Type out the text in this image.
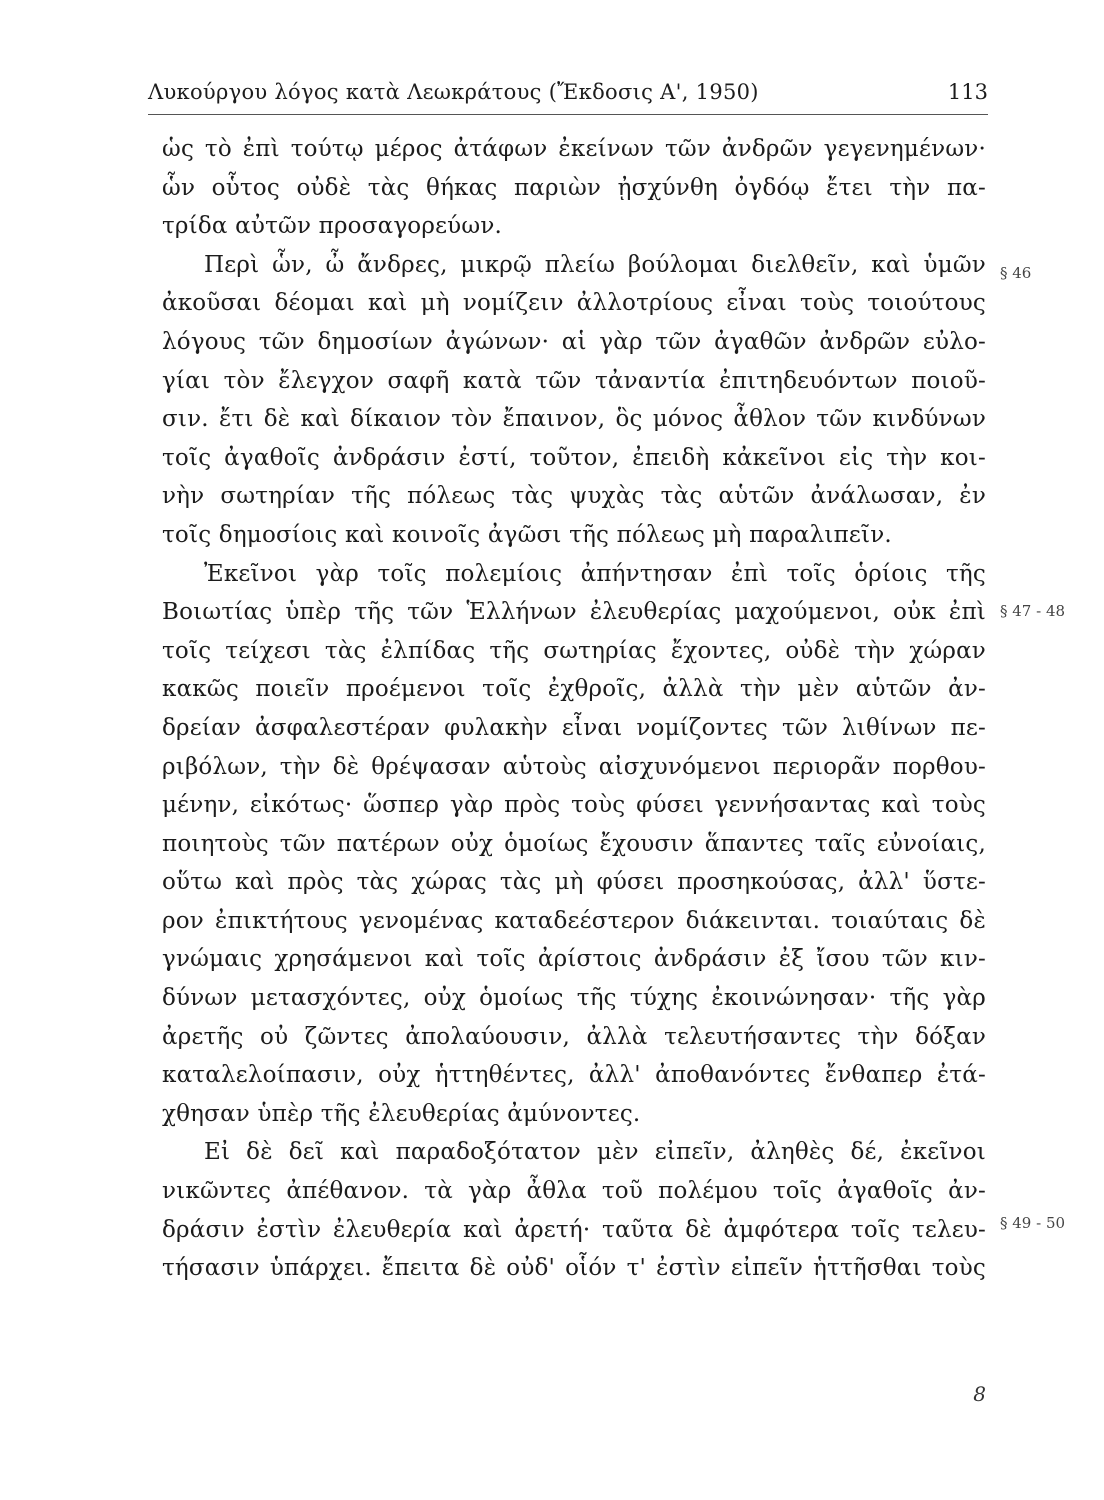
Λυκούργου λόγος κατὰ Λεωκράτους (Ἔκδοσις Α', 1950)	113
ὡς τὸ ἐπὶ τούτῳ μέρος ἀτάφων ἐκείνων τῶν ἀνδρῶν γεγενημένων·
ὧν οὗτος οὐδὲ τὰς θήκας παριὼν ᾐσχύνθη ὀγδόῳ ἔτει τὴν πα-
τρίδα αὐτῶν προσαγορεύων.
Περὶ ὧν, ὦ ἄνδρες, μικρῷ πλείω βούλομαι διελθεῖν, καὶ ὑμῶν
ἀκοῦσαι δέομαι καὶ μὴ νομίζειν ἀλλοτρίους εἶναι τοὺς τοιούτους
λόγους τῶν δημοσίων ἀγώνων· αἱ γὰρ τῶν ἀγαθῶν ἀνδρῶν εὐλο-
γίαι τὸν ἔλεγχον σαφῆ κατὰ τῶν τἀναντία ἐπιτηδευόντων ποιοῦ-
σιν. ἔτι δὲ καὶ δίκαιον τὸν ἔπαινον, ὃς μόνος ἆθλον τῶν κινδύνων
τοῖς ἀγαθοῖς ἀνδράσιν ἐστί, τοῦτον, ἐπειδὴ κἀκεῖνοι εἰς τὴν κοι-
νὴν σωτηρίαν τῆς πόλεως τὰς ψυχὰς τὰς αὑτῶν ἀνάλωσαν, ἐν
τοῖς δημοσίοις καὶ κοινοῖς ἀγῶσι τῆς πόλεως μὴ παραλιπεῖν.
Ἐκεῖνοι γὰρ τοῖς πολεμίοις ἀπήντησαν ἐπὶ τοῖς ὁρίοις τῆς
Βοιωτίας ὑπὲρ τῆς τῶν Ἑλλήνων ἐλευθερίας μαχούμενοι, οὐκ ἐπὶ
τοῖς τείχεσι τὰς ἐλπίδας τῆς σωτηρίας ἔχοντες, οὐδὲ τὴν χώραν
κακῶς ποιεῖν προέμενοι τοῖς ἐχθροῖς, ἀλλὰ τὴν μὲν αὑτῶν ἀν-
δρείαν ἀσφαλεστέραν φυλακὴν εἶναι νομίζοντες τῶν λιθίνων πε-
ριβόλων, τὴν δὲ θρέψασαν αὑτοὺς αἰσχυνόμενοι περιορᾶν πορθου-
μένην, εἰκότως· ὥσπερ γὰρ πρὸς τοὺς φύσει γεννήσαντας καὶ τοὺς
ποιητοὺς τῶν πατέρων οὐχ ὁμοίως ἔχουσιν ἅπαντες ταῖς εὐνοίαις,
οὕτω καὶ πρὸς τὰς χώρας τὰς μὴ φύσει προσηκούσας, ἀλλ' ὕστε-
ρον ἐπικτήτους γενομένας καταδεέστερον διάκεινται. τοιαύταις δὲ
γνώμαις χρησάμενοι καὶ τοῖς ἀρίστοις ἀνδράσιν ἐξ ἴσου τῶν κιν-
δύνων μετασχόντες, οὐχ ὁμοίως τῆς τύχης ἐκοινώνησαν· τῆς γὰρ
ἀρετῆς οὐ ζῶντες ἀπολαύουσιν, ἀλλὰ τελευτήσαντες τὴν δόξαν
καταλελοίπασιν, οὐχ ἡττηθέντες, ἀλλ' ἀποθανόντες ἔνθαπερ ἐτά-
χθησαν ὑπὲρ τῆς ἐλευθερίας ἀμύνοντες.
Εἰ δὲ δεῖ καὶ παραδοξότατον μὲν εἰπεῖν, ἀληθὲς δέ, ἐκεῖνοι
νικῶντες ἀπέθανον. τὰ γὰρ ἆθλα τοῦ πολέμου τοῖς ἀγαθοῖς ἀν-
δράσιν ἐστὶν ἐλευθερία καὶ ἀρετή· ταῦτα δὲ ἀμφότερα τοῖς τελευ-
τήσασιν ὑπάρχει. ἔπειτα δὲ οὐδ' οἷόν τ' ἐστὶν εἰπεῖν ἡττῆσθαι τοὺς
§ 46
§ 47 - 48
§ 49 - 50
8
